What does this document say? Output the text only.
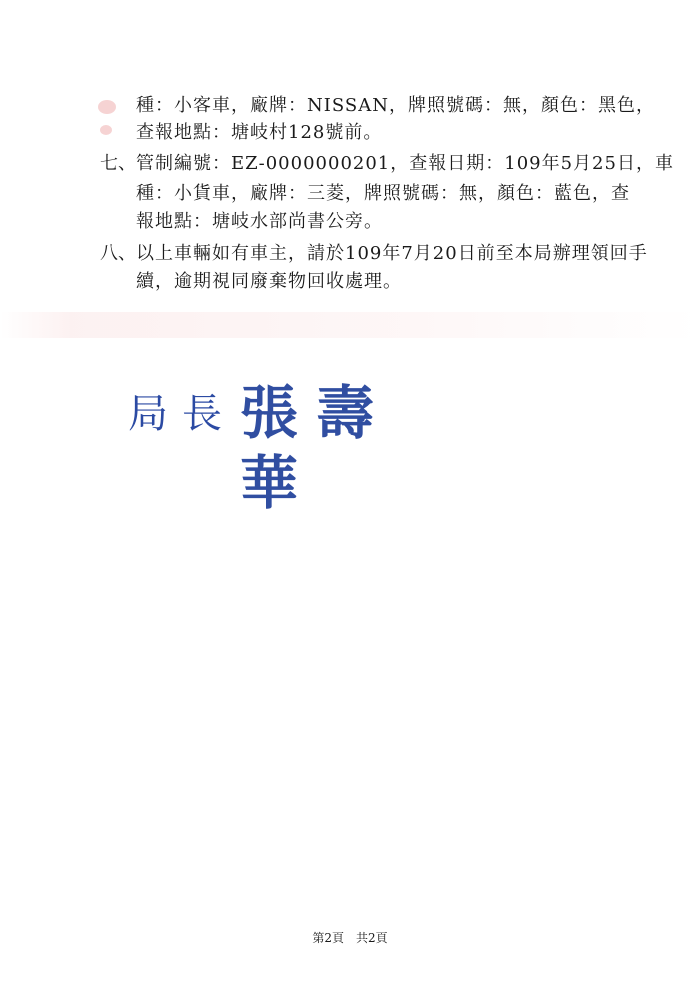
種：小客車，廠牌：NISSAN，牌照號碼：無，顏色：黑色，
查報地點：塘岐村128號前。
七、 管制編號：EZ-0000000201，查報日期：109年5月25日，車
種：小貨車，廠牌：三菱，牌照號碼：無，顏色：藍色，查
報地點：塘岐水部尚書公旁。
八、 以上車輛如有車主，請於109年7月20日前至本局辦理領回手
續，逾期視同廢棄物回收處理。
局長 張壽華
第2頁　共2頁
